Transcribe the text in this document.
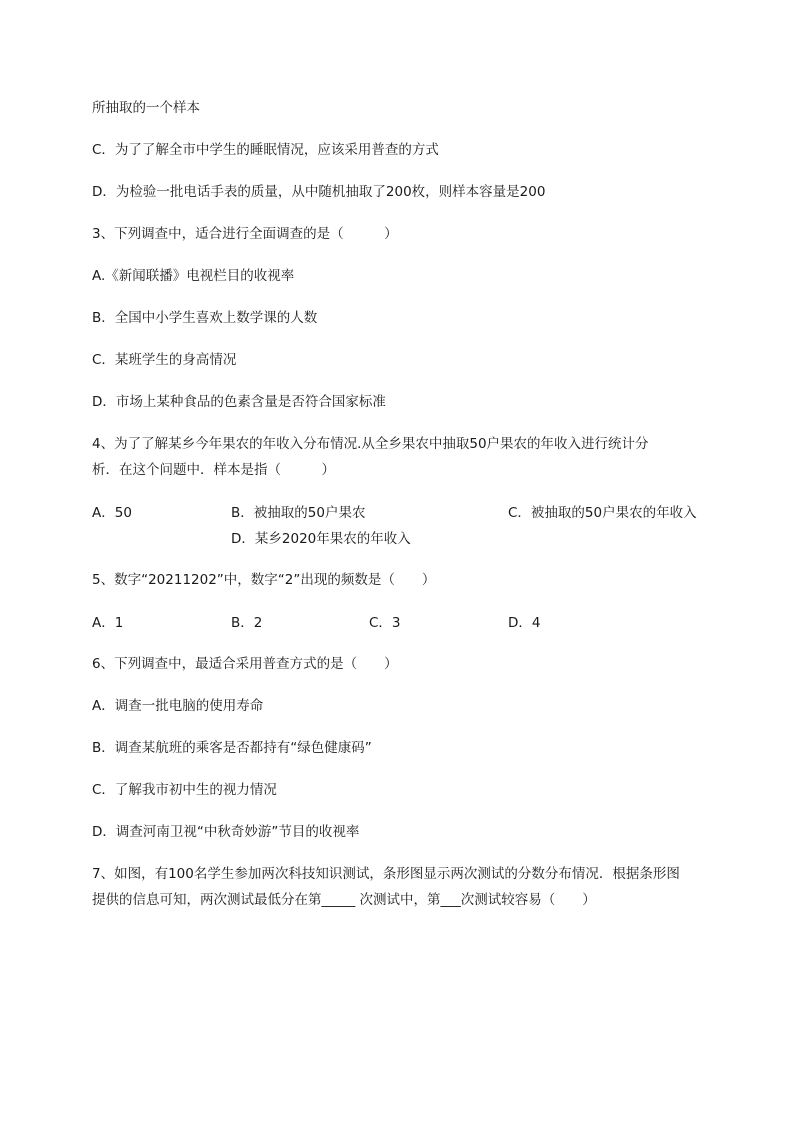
所抽取的一个样本
C．为了了解全市中学生的睡眠情况，应该采用普查的方式
D．为检验一批电话手表的质量，从中随机抽取了200枚，则样本容量是200
3、下列调查中，适合进行全面调查的是（　　　）
A.《新闻联播》电视栏目的收视率
B．全国中小学生喜欢上数学课的人数
C．某班学生的身高情况
D．市场上某种食品的色素含量是否符合国家标准
4、为了了解某乡今年果农的年收入分布情况.从全乡果农中抽取50户果农的年收入进行统计分
析．在这个问题中．样本是指（　　　）
A．50	B．被抽取的50户果农	C．被抽取的50户果农的年收入
D．某乡2020年果农的年收入
5、数字“20211202”中，数字“2”出现的频数是（　　）
A．1	B．2	C．3	D．4
6、下列调查中，最适合采用普查方式的是（　　）
A．调查一批电脑的使用寿命
B．调查某航班的乘客是否都持有“绿色健康码”
C．了解我市初中生的视力情况
D．调查河南卫视“中秋奇妙游”节目的收视率
7、如图，有100名学生参加两次科技知识测试，条形图显示两次测试的分数分布情况．根据条形图
提供的信息可知，两次测试最低分在第_____ 次测试中，第___次测试较容易（　　）
